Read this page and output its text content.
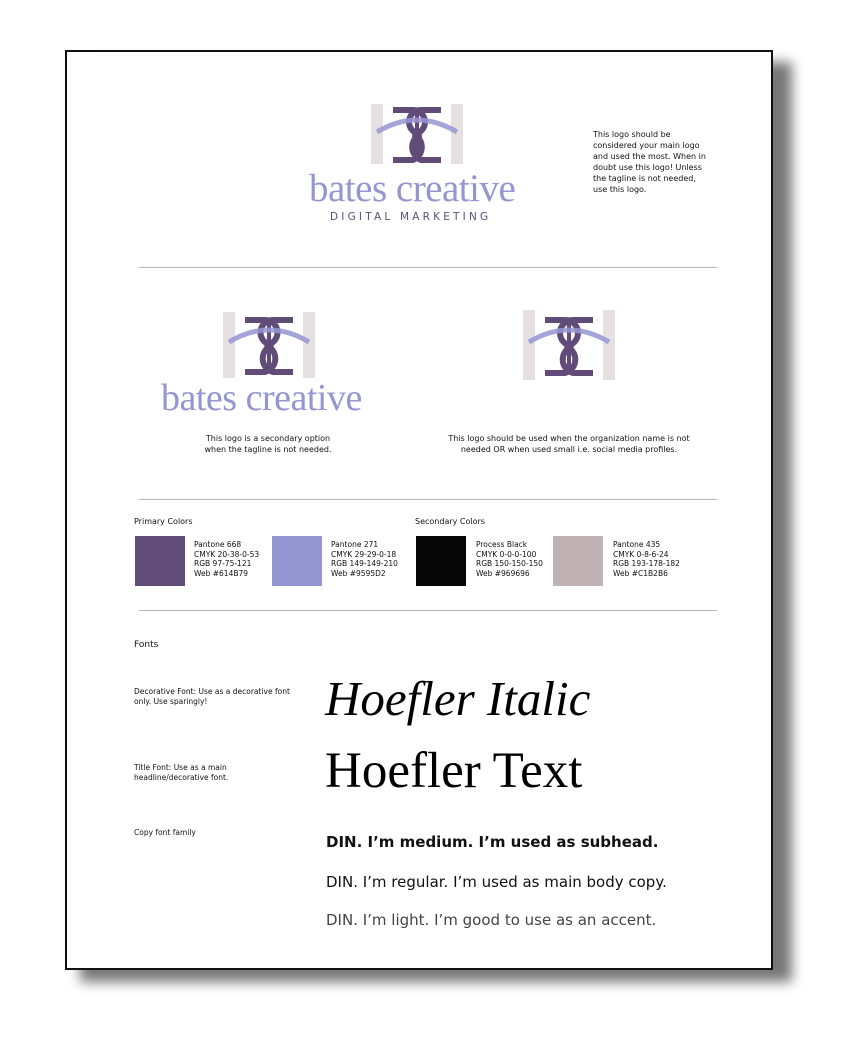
bates creative
DIGITAL MARKETING
This logo should be considered your main logo and used the most. When in doubt use this logo! Unless the tagline is not needed, use this logo.
bates creative
This logo is a secondary option when the tagline is not needed.
This logo should be used when the organization name is not needed OR when used small i.e. social media profiles.
Primary Colors	Secondary Colors
Pantone 668
CMYK 20-38-0-53
RGB 97-75-121
Web #614B79
Pantone 271
CMYK 29-29-0-18
RGB 149-149-210
Web #9595D2
Process Black
CMYK 0-0-0-100
RGB 150-150-150
Web #969696
Pantone 435
CMYK 0-8-6-24
RGB 193-178-182
Web #C1B2B6
Fonts
Decorative Font: Use as a decorative font only. Use sparingly!	Hoefler Italic
Title Font: Use as a main headline/decorative font.	Hoefler Text
Copy font family
DIN. I’m medium. I’m used as subhead.
DIN. I’m regular. I’m used as main body copy.
DIN. I’m light. I’m good to use as an accent.
